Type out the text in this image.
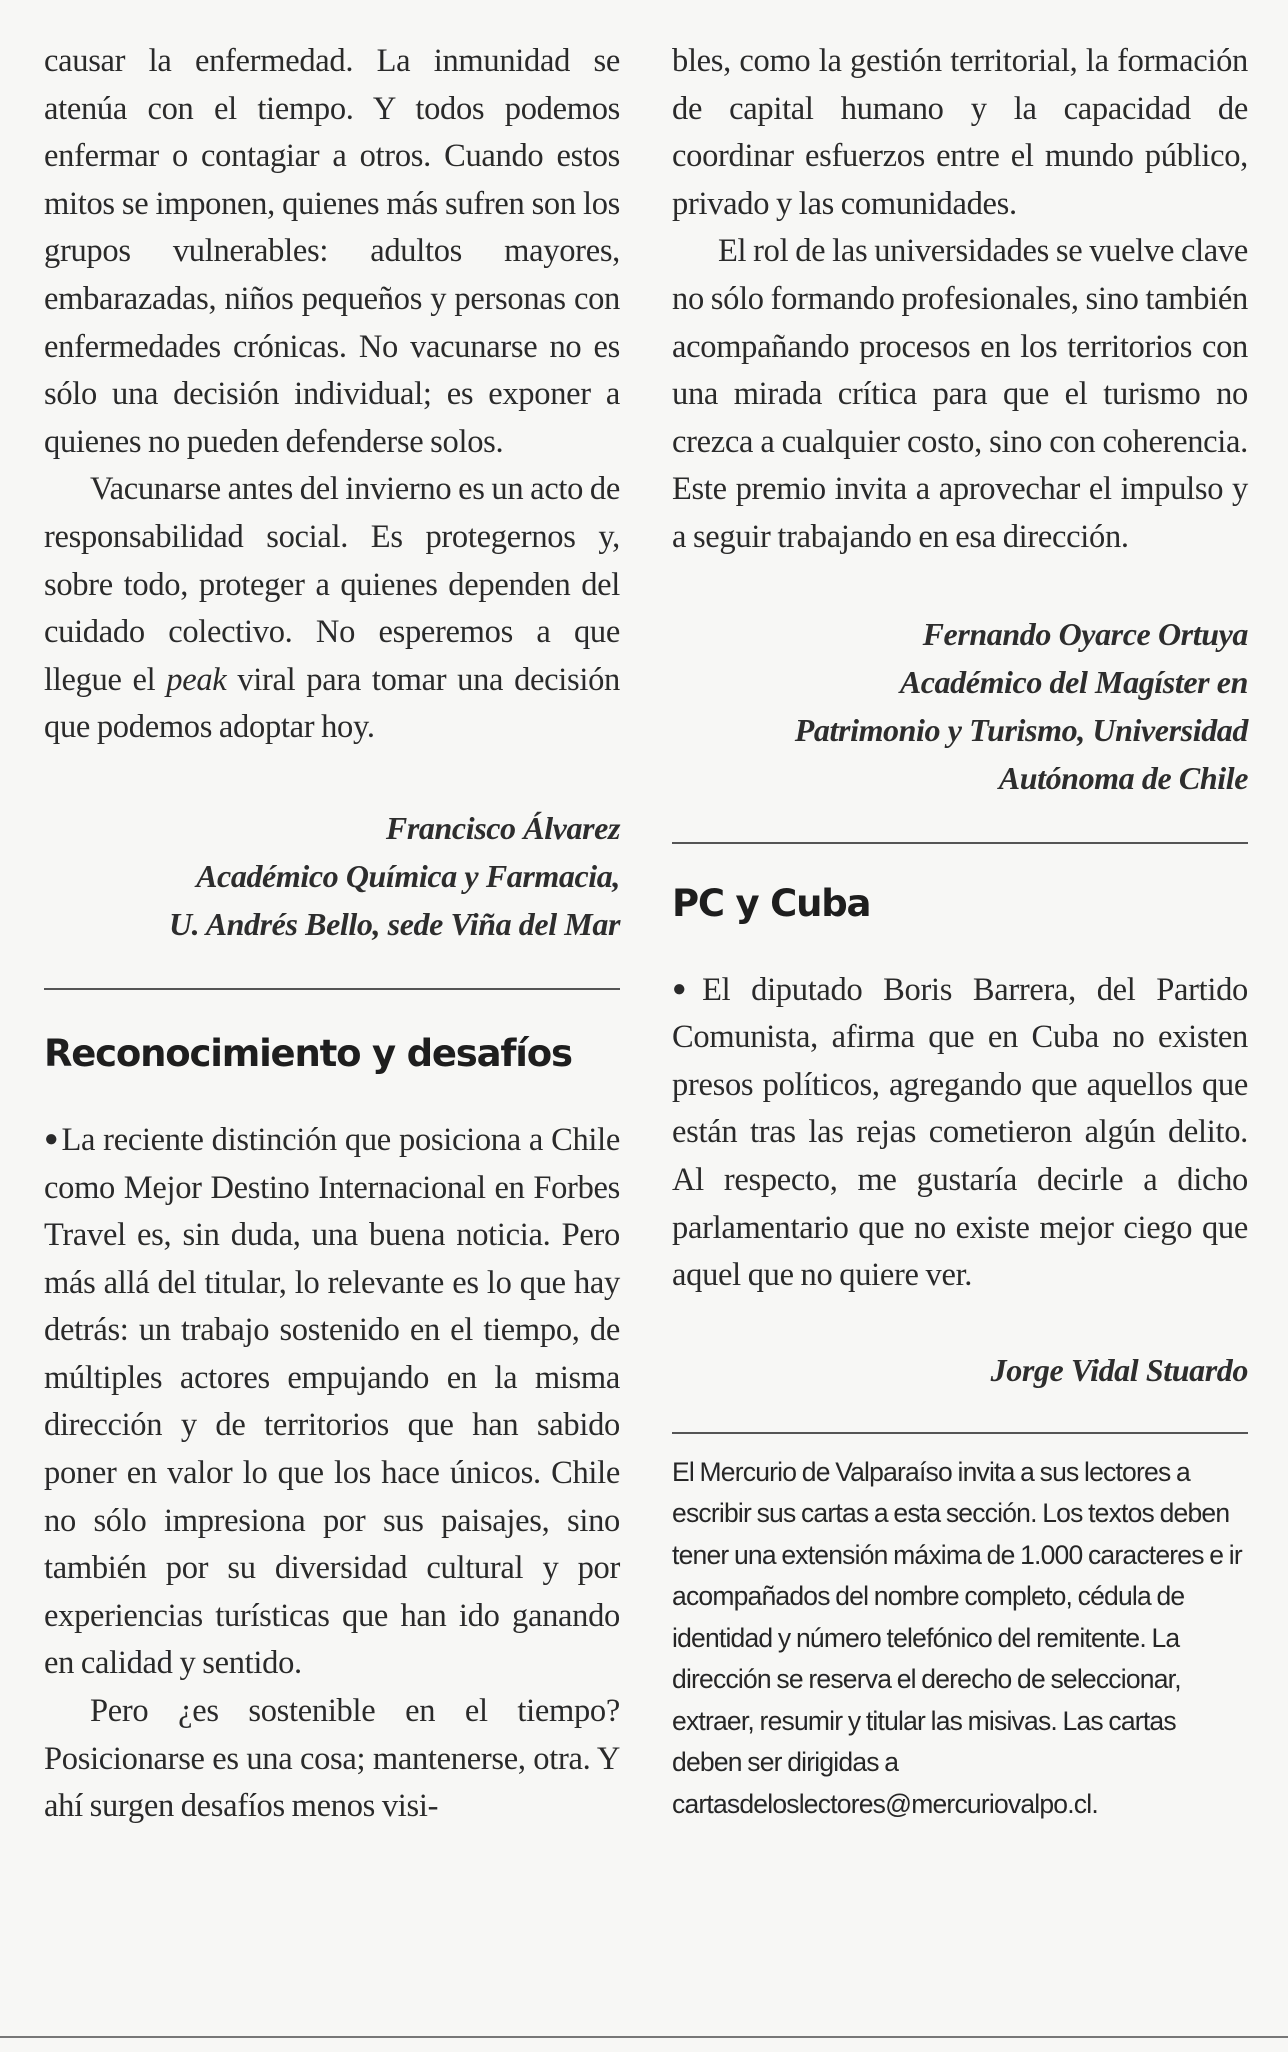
causar la enfermedad. La inmunidad se atenúa con el tiempo. Y todos podemos enfermar o contagiar a otros. Cuando estos mitos se imponen, quienes más sufren son los grupos vulnerables: adultos mayores, embarazadas, niños pequeños y personas con enfermedades crónicas. No vacunarse no es sólo una decisión individual; es exponer a quienes no pueden defenderse solos.

Vacunarse antes del invierno es un acto de responsabilidad social. Es protegernos y, sobre todo, proteger a quienes dependen del cuidado colectivo. No esperemos a que llegue el peak viral para tomar una decisión que podemos adoptar hoy.

Francisco Álvarez

Académico Química y Farmacia,

U. Andrés Bello, sede Viña del Mar

Reconocimiento y desafíos

●La reciente distinción que posiciona a Chile como Mejor Destino Internacional en Forbes Travel es, sin duda, una buena noticia. Pero más allá del titular, lo relevante es lo que hay detrás: un trabajo sostenido en el tiempo, de múltiples actores empujando en la misma dirección y de territorios que han sabido poner en valor lo que los hace únicos. Chile no sólo impresiona por sus paisajes, sino también por su diversidad cultural y por experiencias turísticas que han ido ganando en calidad y sentido.

Pero ¿es sostenible en el tiempo? Posicionarse es una cosa; mantenerse, otra. Y ahí surgen desafíos menos visi-

bles, como la gestión territorial, la formación de capital humano y la capacidad de coordinar esfuerzos entre el mundo público, privado y las comunidades.

El rol de las universidades se vuelve clave no sólo formando profesionales, sino también acompañando procesos en los territorios con una mirada crítica para que el turismo no crezca a cualquier costo, sino con coherencia. Este premio invita a aprovechar el impulso y a seguir trabajando en esa dirección.

Fernando Oyarce Ortuya

Académico del Magíster en

Patrimonio y Turismo, Universidad

Autónoma de Chile

PC y Cuba

●El diputado Boris Barrera, del Partido Comunista, afirma que en Cuba no existen presos políticos, agregando que aquellos que están tras las rejas cometieron algún delito. Al respecto, me gustaría decirle a dicho parlamentario que no existe mejor ciego que aquel que no quiere ver.

Jorge Vidal Stuardo

El Mercurio de Valparaíso invita a sus lectores a escribir sus cartas a esta sección. Los textos deben tener una extensión máxima de 1.000 caracteres e ir acompañados del nombre completo, cédula de identidad y número telefónico del remitente. La dirección se reserva el derecho de seleccionar, extraer, resumir y titular las misivas. Las cartas deben ser dirigidas a cartasdeloslectores@mercuriovalpo.cl.
